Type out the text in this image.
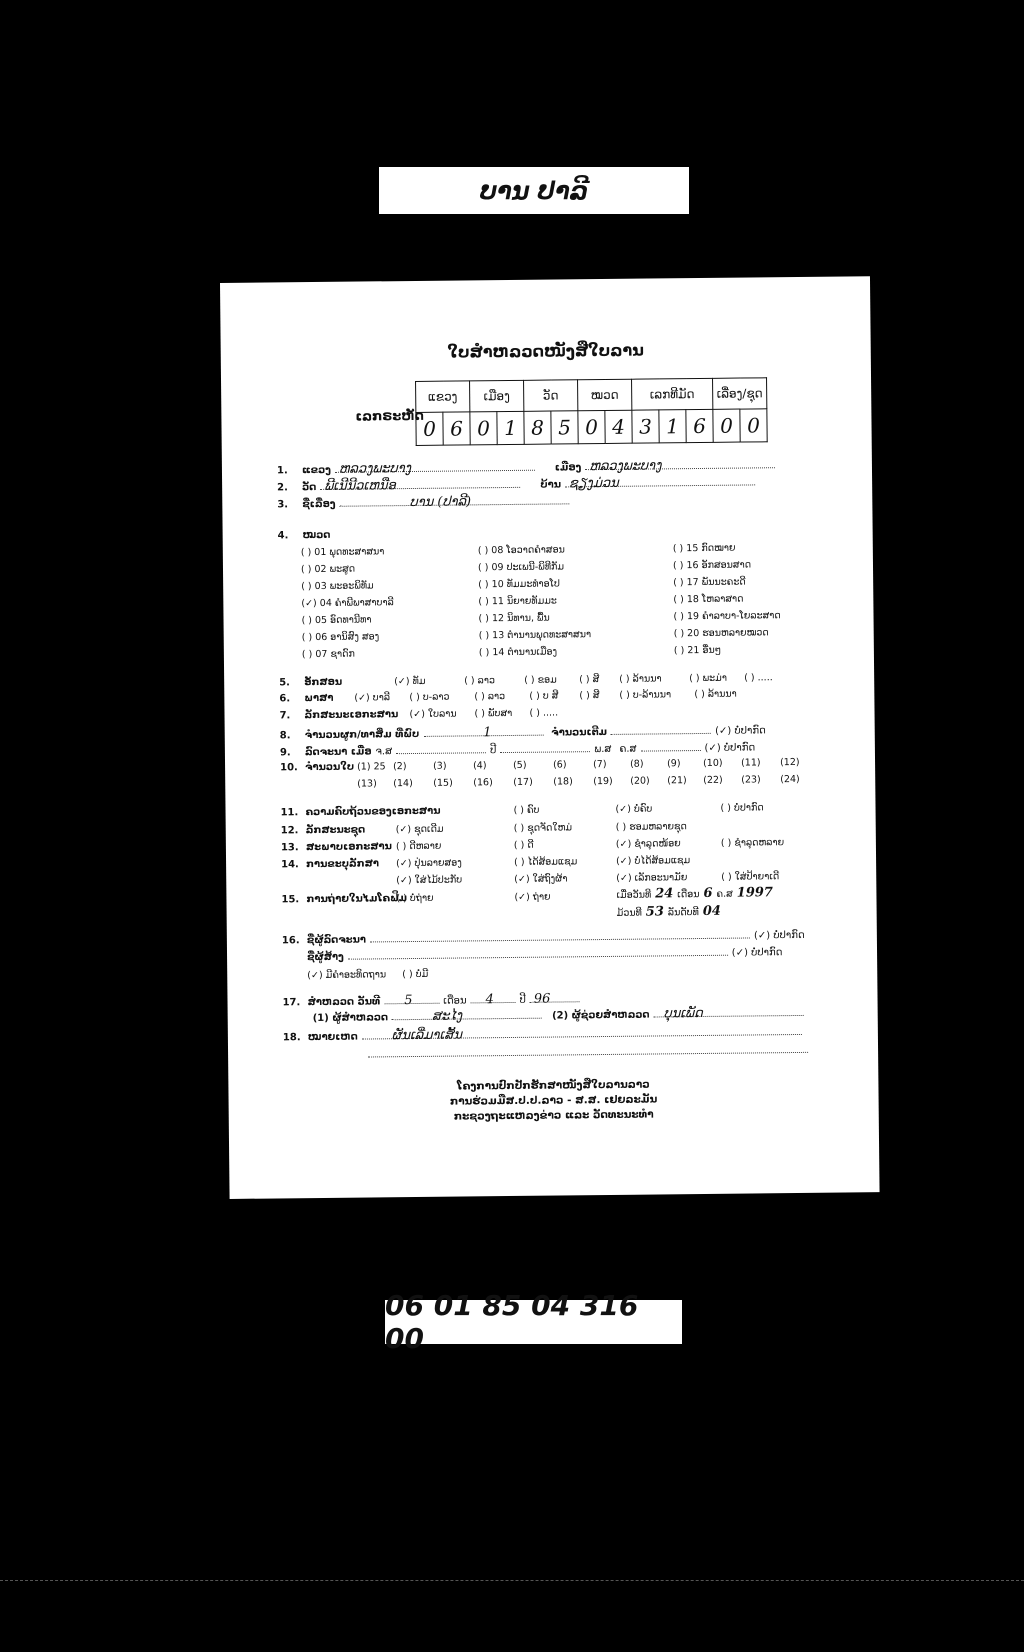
ບານ ປາລີ
ໃບສຳຫລວດໜັງສືໃບລານ
ເລກຣະຫັດ
ແຂວງ		ເມືອງ		ວັດ		ໝວດ		ເລກທີມັດ			ເລື່ອງ/ຊຸດ	
0	6	0	1	8	5	0	4	3	1	6	0	0
1.	ແຂວງ ຫລວງພະບາງ	ເມືອງ ຫລວງພະບາງ
2.	ວັດ ພີເນີນີວເຫນືອ	ບ້ານ ຊຽງມ່ວນ
3.	ຊື່ເລື່ອງ	ບານ (ປາລີ)
4.	ໝວດ
( ) 01 ພຸດທະສາສນາ	( ) 08 ໂອວາດຄຳສອນ	( ) 15 ກົດໝາຍ
( ) 02 ພະສູດ	( ) 09 ປະເພນີ-ພິທີກັມ	( ) 16 ອັກສອນສາດ
( ) 03 ພະອະພິທັມ	( ) 10 ທັມມະທໍາອໂປ	( ) 17 ພັນນະຄະດີ
(✓) 04 ຄຳພີພາສາບາລີ	( ) 11 ນິຍາຍທັມມະ	( ) 18 ໂຫລາສາດ
( ) 05 ອົດທານີທາ	( ) 12 ນິທານ, ພື້ນ	( ) 19 ຄຳລາບາ-ໂຍລະສາດ
( ) 06 ອານິສົງ ສອງ	( ) 13 ຕຳນານພຸດທະສາສນາ	( ) 20 ຮອນຫລາຍໝວດ
( ) 07 ຊາດົກ	( ) 14 ຕຳນານເມືອງ	( ) 21 ອື່ນໆ
5.	ອັກສອນ	(✓) ທັມ	( ) ລາວ	( ) ຂອມ ( ) ສີ ( ) ລ້ານນາ	( ) ພະມ່າ ( ) .....
6.	ພາສາ (✓) ບາລີ ( ) ບ-ລາວ	( ) ລາວ	( ) ບ ສີ ( ) ສີ ( ) ບ-ລ້ານນາ ( ) ລ້ານນາ
7.	ລັກສະນະເອກະສານ (✓) ໃບລານ ( ) ພັບສາ ( ) .....
8.	ຈຳນວນຜູກ/ທາສິ່ມ ທີ່ພົບ	1	ຈຳນວນເຕີມ	(✓) ບໍ່ປາກົດ
9.	ລົດຈະນາ ເມື່ອ ຈ.ສ	ປີ	ພ.ສ ຄ.ສ	(✓) ບໍ່ປາກົດ
10. ຈຳນວນໃບ (1) 25 (2)	(3)	(4)	(5)	(6)	(7) (8) (9) (10) (11) (12)
(13) (14) (15) (16) (17) (18) (19) (20) (21) (22) (23) (24)
11. ຄວາມຄົບຖ້ວນຂອງເອກະສານ	( ) ຄົບ	(✓) ບໍ່ຄົບ	( ) ບໍ່ປາກົດ
12. ລັກສະນະຊຸດ	(✓) ຊຸດເດີມ	( ) ຊຸດຈັດໃຫມ່	( ) ຮອມຫລາຍຊຸດ
13. ສະພາບເອກະສານ ( ) ດີຫລາຍ	( ) ດີ	(✓) ຊຳລຸດໜ້ອຍ	( ) ຊຳລຸດຫລາຍ
14. ການຂະບຸລັກສາ (✓) ປຸ່ນລາຍສອງ	( ) ໄດ້ສ້ອມແຊມ	(✓) ບໍ່ໄດ້ສ້ອມແຊມ
(✓) ໃສ່ໄມ້ປະກັບ	(✓) ໃສ່ຖົງຜ້າ	(✓) ເລັກອະນາມັຍ	( ) ໃສ່ປ້າຍາເດີ
15. ການຖ່າຍໃນໄມໂຄຟິມ
( ) ບໍ່ຖ່າຍ	(✓) ຖ່າຍ	ເມື່ອວັນທີ 24 ເດືອນ 6 ຄ.ສ 1997
ມ້ວນທີ 53 ລັນດັບທີ 04
16. ຊື່ຜູ້ລົດຈະນາ	(✓) ບໍ່ປາກົດ
ຊື່ຜູ້ສ້າງ	(✓) ບໍ່ປາກົດ
(✓) ມີຄຳອະທິດຖານ ( ) ບໍ່ມີ
17. ສຳຫລວດ ວັນທີ	5	ເດືອນ	4	ປີ 96
(1) ຜູ້ສຳຫລວດ	ສະໄງ	(2) ຜູ້ຊ່ວຍສຳຫລວດ	ບຸນເພັດ
18. ໝາຍເຫດ	ຜັນເລີ່ມາເສັ້ນ
ໂຄງການປົກປັກຮັກສາໜັງສືໃບລານລາວ
ການຮ່ວມມືສ.ປ.ປ.ລາວ - ສ.ສ. ເຢຍລະມັນ
ກະຊວງຖະແຫລງຂ່າວ ແລະ ວັດທະນະທຳ
06 01 85 04 316 00
